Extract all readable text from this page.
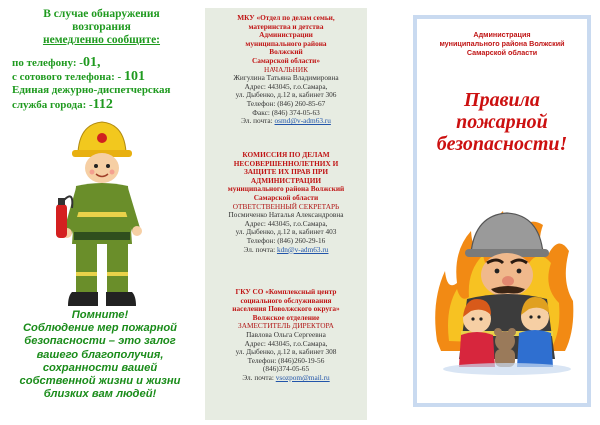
В случае обнаружения возгорания
немедленно сообщите:
по телефону: -01,
с сотового телефона: - 101
Единая дежурно-диспетчерская
служба города: -112
Помните!
Соблюдение мер пожарной
безопасности – это залог
вашего благополучия,
сохранности вашей
собственной жизни и жизни
близких вам людей!
МКУ «Отдел по делам семьи,
материнства и детства
Администрации
муниципального района
Волжский
Самарской области»
НАЧАЛЬНИК
Жигулина Татьяна Владимировна
Адрес: 443045, г.о.Самара,
ул. Дыбенко, д.12 в, кабинет 306
Телефон: (846) 260-85-67
Факс: (846) 374-05-63
Эл. почта: osmd@v-adm63.ru
КОМИССИЯ ПО ДЕЛАМ
НЕСОВЕРШЕННОЛЕТНИХ И
ЗАЩИТЕ ИХ ПРАВ ПРИ
АДМИНИСТРАЦИИ
муниципального района Волжский
Самарской области
ОТВЕТСТВЕННЫЙ СЕКРЕТАРЬ
Посмиченко Наталья Александровна
Адрес: 443045, г.о.Самара,
ул. Дыбенко, д.12 в, кабинет 403
Телефон: (846) 260-29-16
Эл. почта: kdn@v-adm63.ru
ГКУ СО «Комплексный центр
социального обслуживания
населения Поволжского округа»
Волжское отделение
ЗАМЕСТИТЕЛЬ ДИРЕКТОРА
Павлова Ольга Сергеевна
Адрес: 443045, г.о.Самара,
ул. Дыбенко, д.12 в, кабинет 308
Телефон: (846)260-19-56
(846)374-05-65
Эл. почта: vsozpom@mail.ru
Администрация
муниципального района Волжский
Самарской области
Правила
пожарной
безопасности!
